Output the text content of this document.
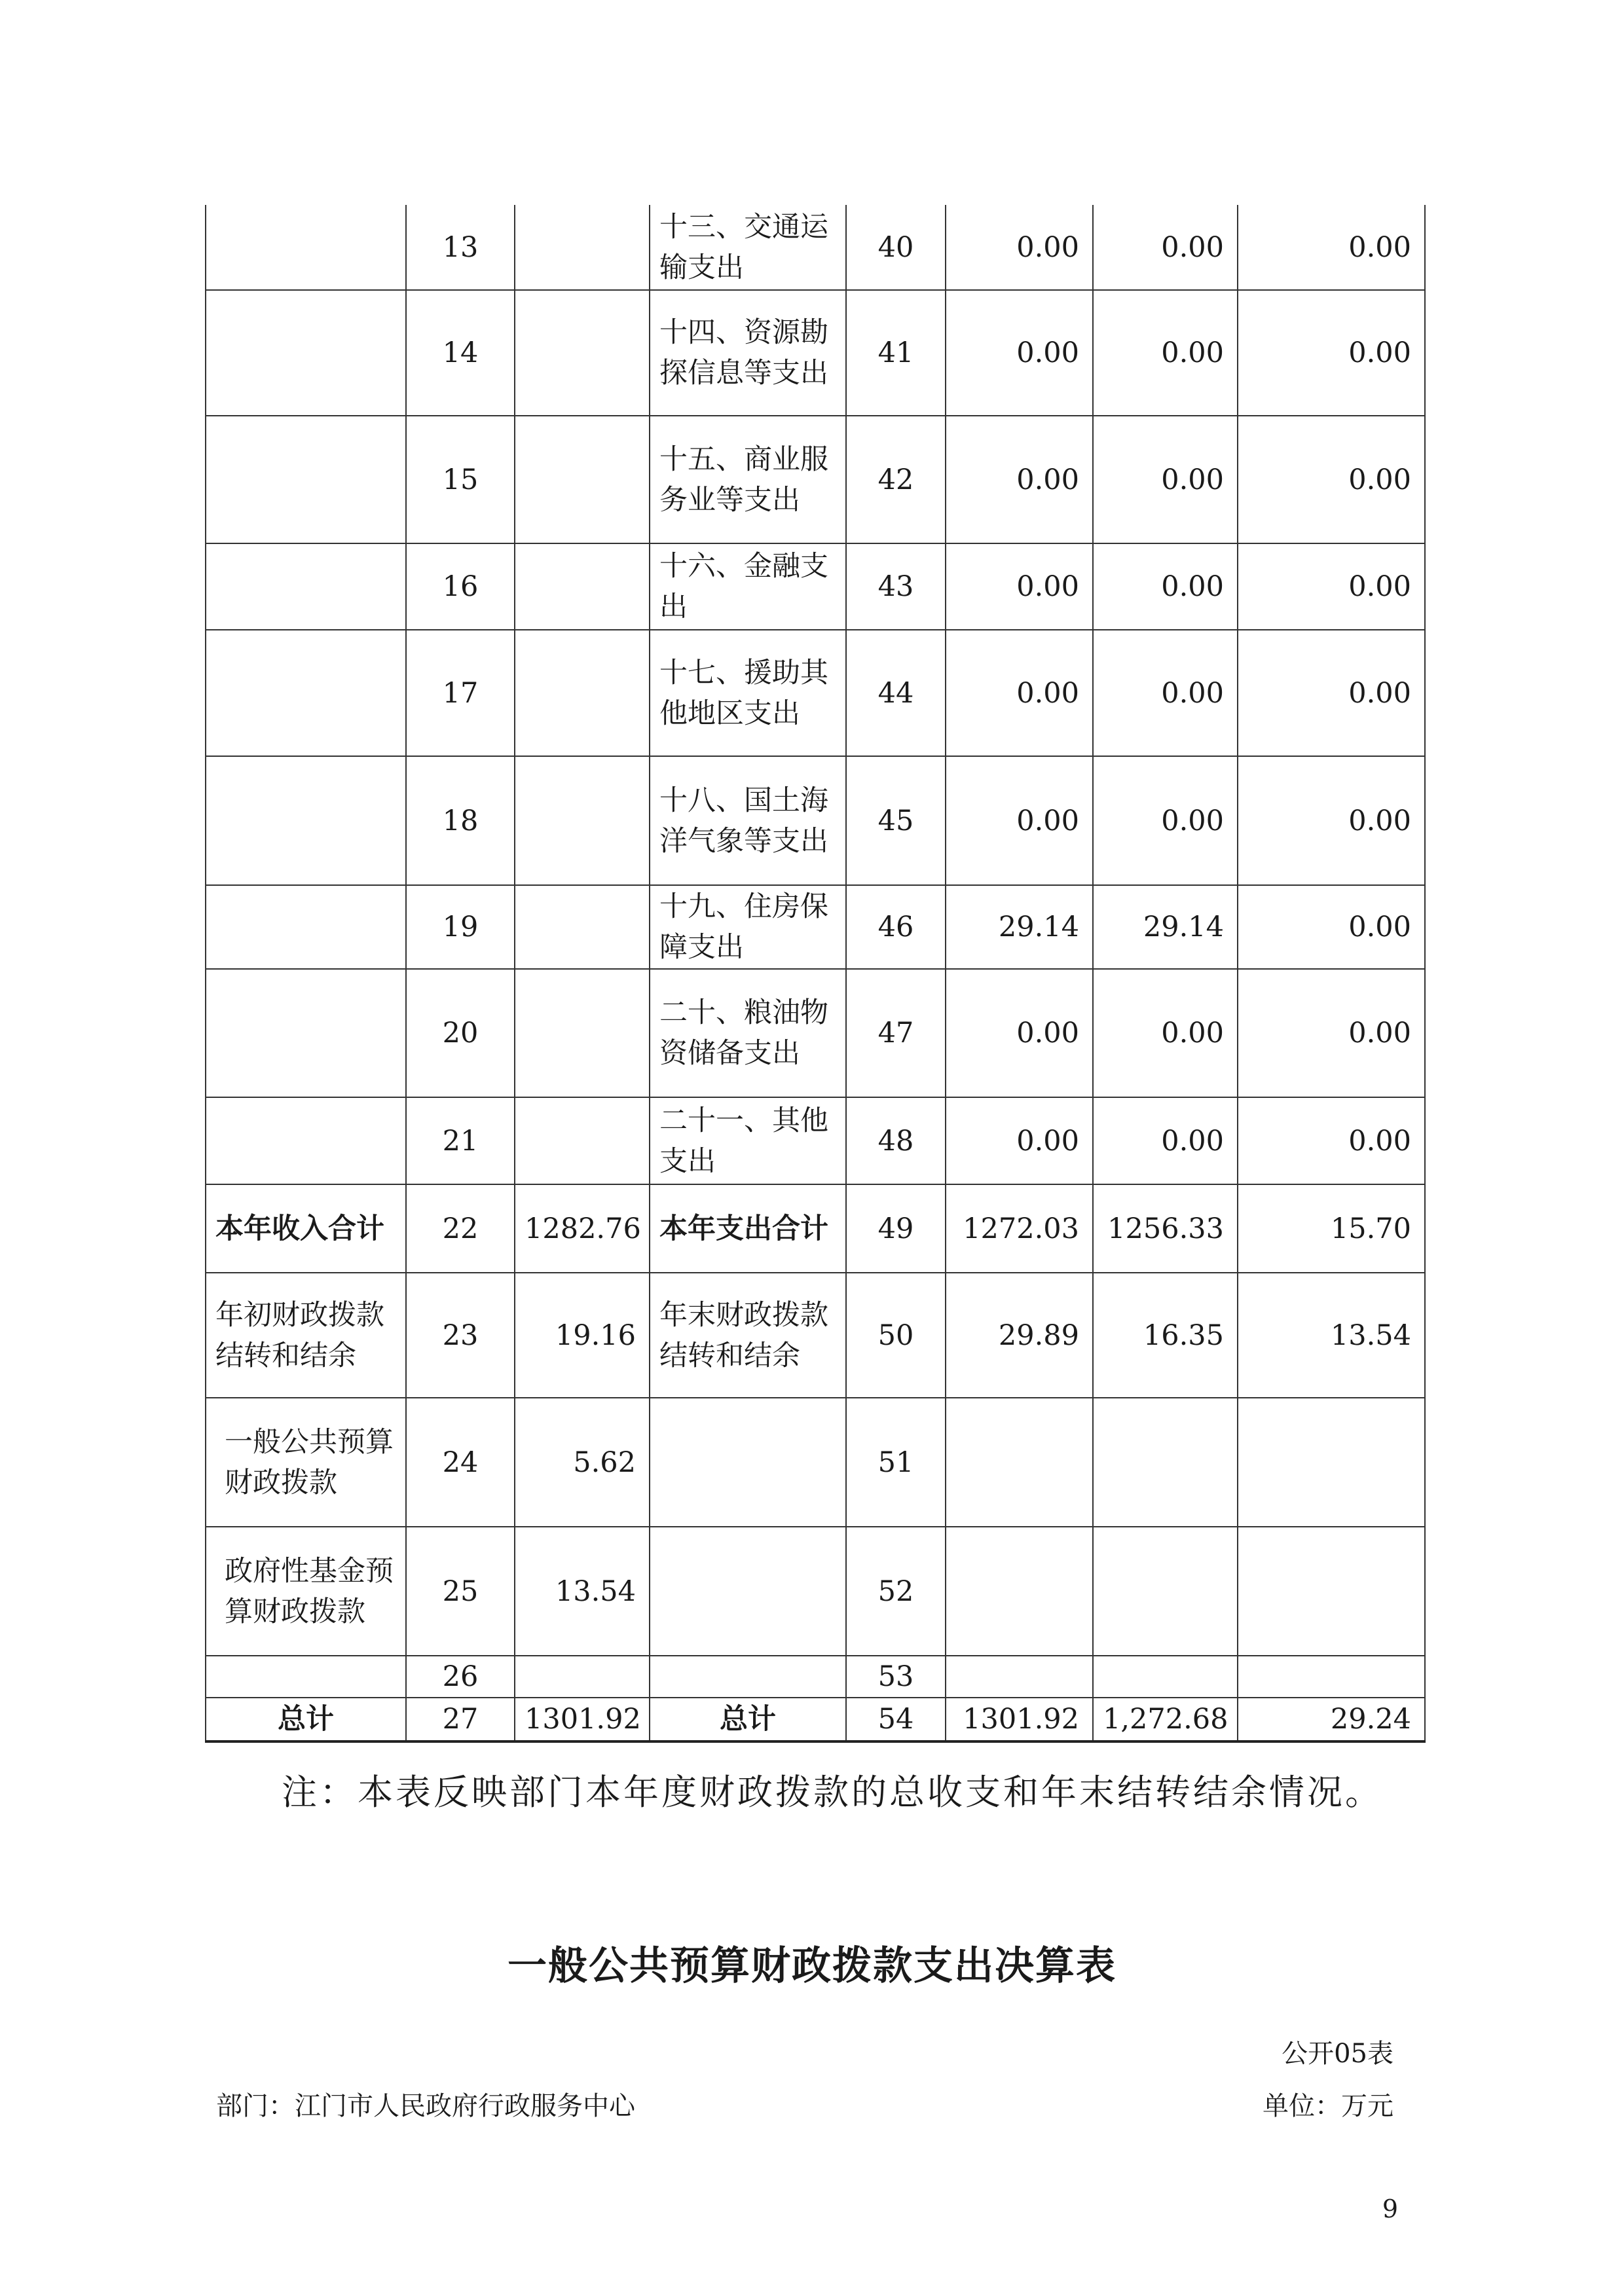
	13		十三、交通运输支出	40	0.00	0.00	0.00
	14		十四、资源勘探信息等支出	41	0.00	0.00	0.00
	15		十五、商业服务业等支出	42	0.00	0.00	0.00
	16		十六、金融支出	43	0.00	0.00	0.00
	17		十七、援助其他地区支出	44	0.00	0.00	0.00
	18		十八、国土海洋气象等支出	45	0.00	0.00	0.00
	19		十九、住房保障支出	46	29.14	29.14	0.00
	20		二十、粮油物资储备支出	47	0.00	0.00	0.00
	21		二十一、其他支出	48	0.00	0.00	0.00
本年收入合计	22	1282.76	本年支出合计	49	1272.03	1256.33	15.70
年初财政拨款结转和结余	23	19.16	年末财政拨款结转和结余	50	29.89	16.35	13.54
一般公共预算财政拨款	24	5.62		51			
政府性基金预算财政拨款	25	13.54		52			
	26			53			
总计	27	1301.92	总计	54	1301.92	1,272.68	29.24
注：本表反映部门本年度财政拨款的总收支和年末结转结余情况。
一般公共预算财政拨款支出决算表
公开05表
部门：江门市人民政府行政服务中心	单位：万元
9
